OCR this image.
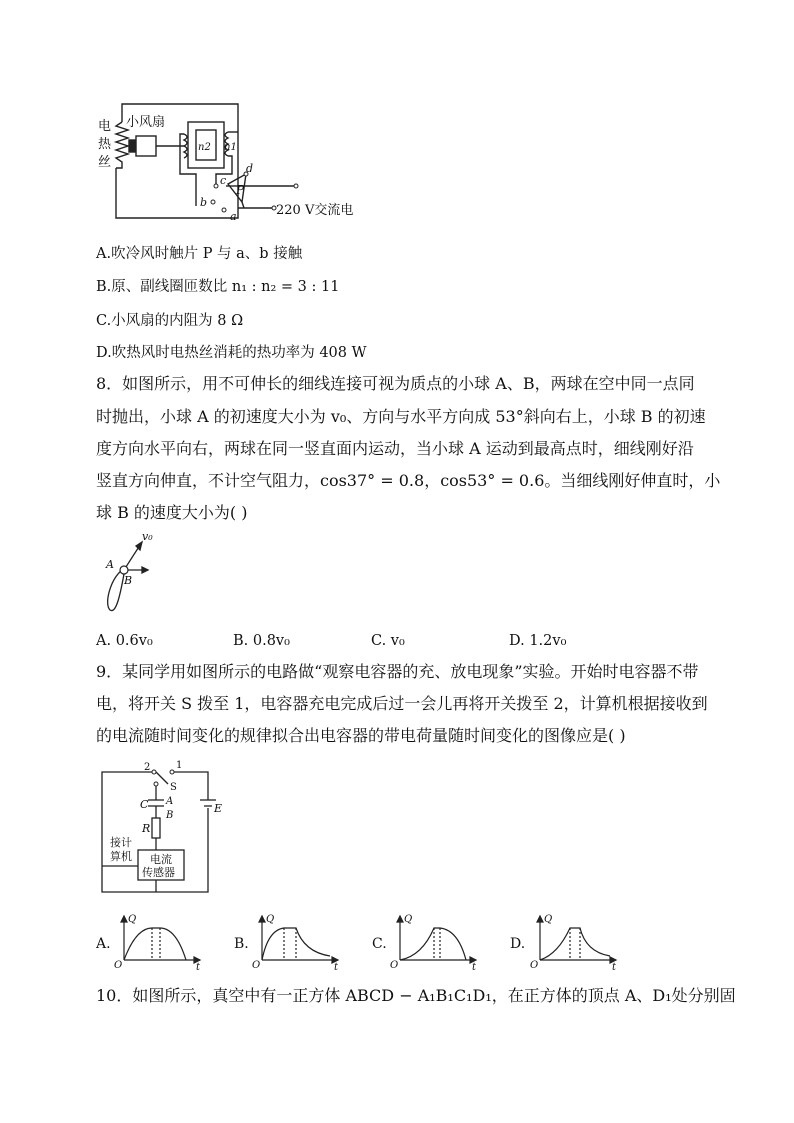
电
热
丝
小风扇
n2 n1
P
d
c
b
a	220 V交流电
A.吹冷风时触片 P 与 a、b 接触
B.原、副线圈匝数比 n₁ : n₂ = 3 : 11
C.小风扇的内阻为 8 Ω
D.吹热风时电热丝消耗的热功率为 408 W
8．如图所示，用不可伸长的细线连接可视为质点的小球 A、B，两球在空中同一点同
时抛出，小球 A 的初速度大小为 v₀、方向与水平方向成 53°斜向右上，小球 B 的初速
度方向水平向右，两球在同一竖直面内运动，当小球 A 运动到最高点时，细线刚好沿
竖直方向伸直，不计空气阻力，cos37° = 0.8，cos53° = 0.6。当细线刚好伸直时，小
球 B 的速度大小为( )
v₀
A
B
A. 0.6v₀	B. 0.8v₀	C. v₀	D. 1.2v₀
9．某同学用如图所示的电路做“观察电容器的充、放电现象”实验。开始时电容器不带
电，将开关 S 拨至 1，电容器充电完成后过一会儿再将开关拨至 2，计算机根据接收到
的电流随时间变化的规律拟合出电容器的带电荷量随时间变化的图像应是( )
2	1
S
C A
B
R
E
接计
算机 电流
传感器
A.
Q
O	t
B.
Q
O	t
C.
Q
O	t
D.
Q
O	t
10．如图所示，真空中有一正方体 ABCD − A₁B₁C₁D₁，在正方体的顶点 A、D₁处分别固
